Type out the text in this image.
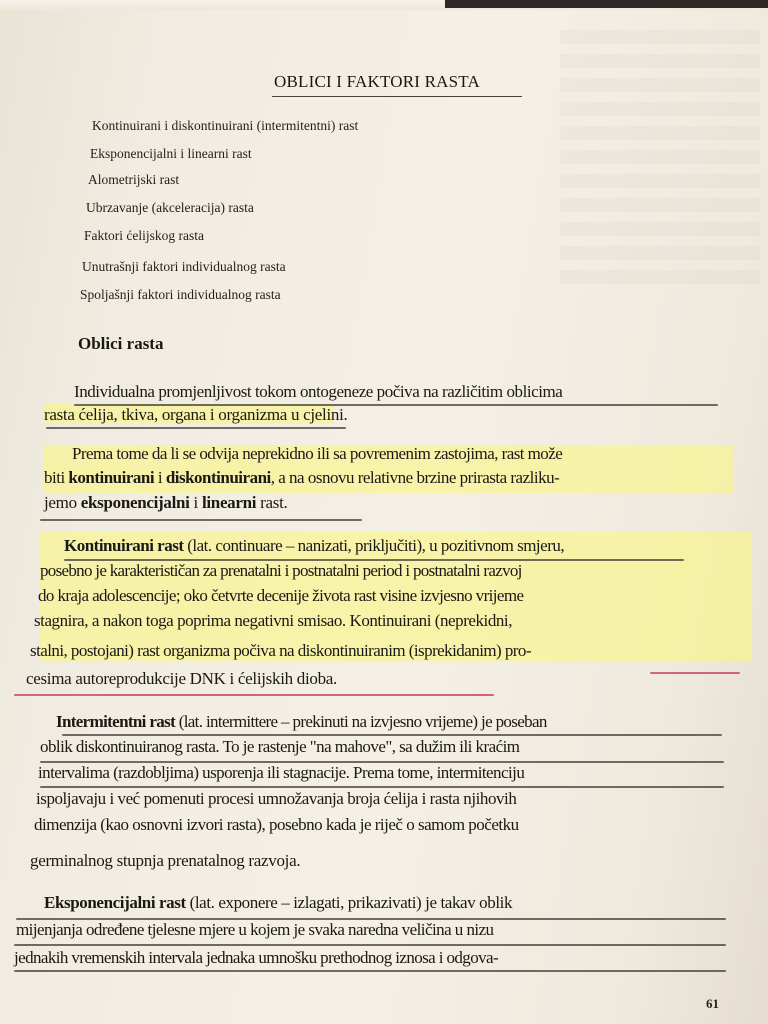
OBLICI I FAKTORI RASTA
Kontinuirani i diskontinuirani (intermitentni) rast
Eksponencijalni i linearni rast
Alometrijski rast
Ubrzavanje (akceleracija) rasta
Faktori ćelijskog rasta
Unutrašnji faktori individualnog rasta
Spoljašnji faktori individualnog rasta
Oblici rasta
Individualna promjenljivost tokom ontogeneze počiva na različitim oblicima
rasta ćelija, tkiva, organa i organizma u cjelini.
Prema tome da li se odvija neprekidno ili sa povremenim zastojima, rast može
biti kontinuirani i diskontinuirani, a na osnovu relativne brzine prirasta razliku-
jemo eksponencijalni i linearni rast.
Kontinuirani rast (lat. continuare – nanizati, priključiti), u pozitivnom smjeru,
posebno je karakterističan za prenatalni i postnatalni period i postnatalni razvoj
do kraja adolescencije; oko četvrte decenije života rast visine izvjesno vrijeme
stagnira, a nakon toga poprima negativni smisao. Kontinuirani (neprekidni,
stalni, postojani) rast organizma počiva na diskontinuiranim (isprekidanim) pro-
cesima autoreprodukcije DNK i ćelijskih dioba.
Intermitentni rast (lat. intermittere – prekinuti na izvjesno vrijeme) je poseban
oblik diskontinuiranog rasta. To je rastenje "na mahove", sa dužim ili kraćim
intervalima (razdobljima) usporenja ili stagnacije. Prema tome, intermitenciju
ispoljavaju i već pomenuti procesi umnožavanja broja ćelija i rasta njihovih
dimenzija (kao osnovni izvori rasta), posebno kada je riječ o samom početku
germinalnog stupnja prenatalnog razvoja.
Eksponencijalni rast (lat. exponere – izlagati, prikazivati) je takav oblik
mijenjanja određene tjelesne mjere u kojem je svaka naredna veličina u nizu
jednakih vremenskih intervala jednaka umnošku prethodnog iznosa i odgova-
61
